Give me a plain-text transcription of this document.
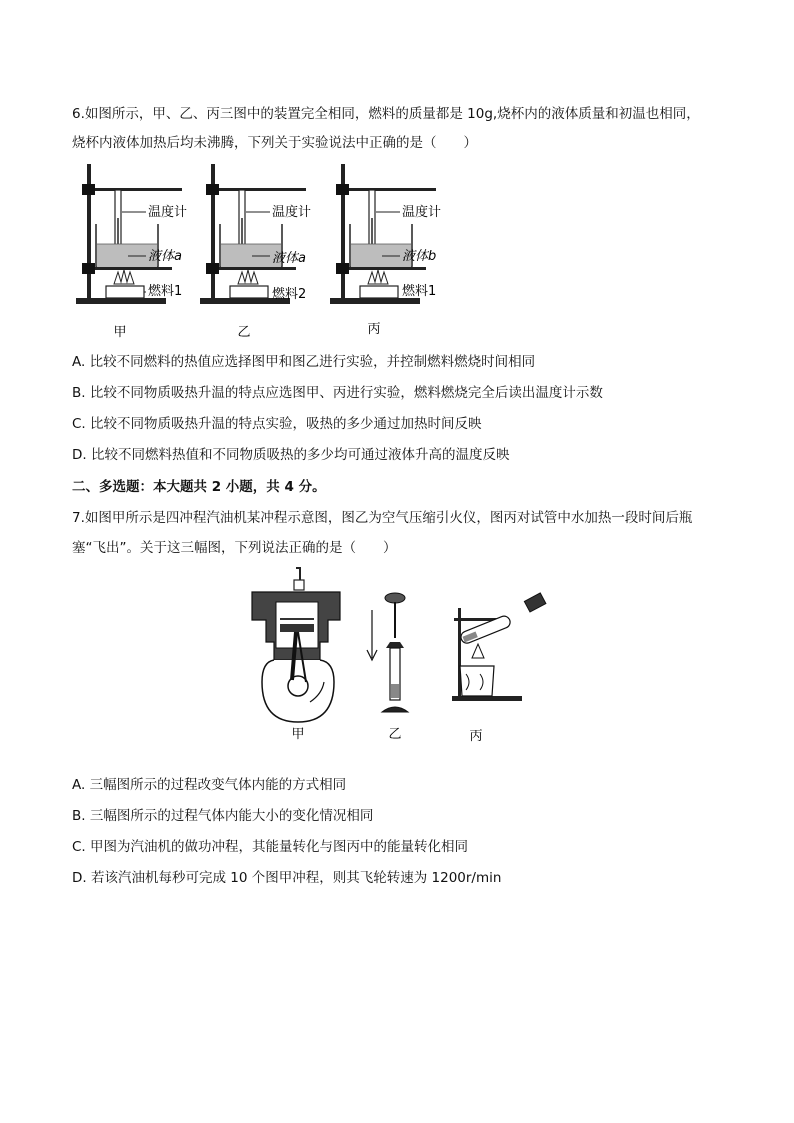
6.如图所示，甲、乙、丙三图中的装置完全相同，燃料的质量都是 10g,烧杯内的液体质量和初温也相同，
烧杯内液体加热后均未沸腾，下列关于实验说法中正确的是（　　）
温度计
液体a
燃料1
甲
温度计
液体a
燃料2
乙
温度计
液体b
燃料1
丙
A. 比较不同燃料的热值应选择图甲和图乙进行实验，并控制燃料燃烧时间相同
B. 比较不同物质吸热升温的特点应选图甲、丙进行实验，燃料燃烧完全后读出温度计示数
C. 比较不同物质吸热升温的特点实验，吸热的多少通过加热时间反映
D. 比较不同燃料热值和不同物质吸热的多少均可通过液体升高的温度反映
二、多选题：本大题共 2 小题，共 4 分。
7.如图甲所示是四冲程汽油机某冲程示意图，图乙为空气压缩引火仪，图丙对试管中水加热一段时间后瓶
塞“飞出”。关于这三幅图，下列说法正确的是（　　）
甲	乙	丙
A. 三幅图所示的过程改变气体内能的方式相同
B. 三幅图所示的过程气体内能大小的变化情况相同
C. 甲图为汽油机的做功冲程，其能量转化与图丙中的能量转化相同
D. 若该汽油机每秒可完成 10 个图甲冲程，则其飞轮转速为 1200r/min
